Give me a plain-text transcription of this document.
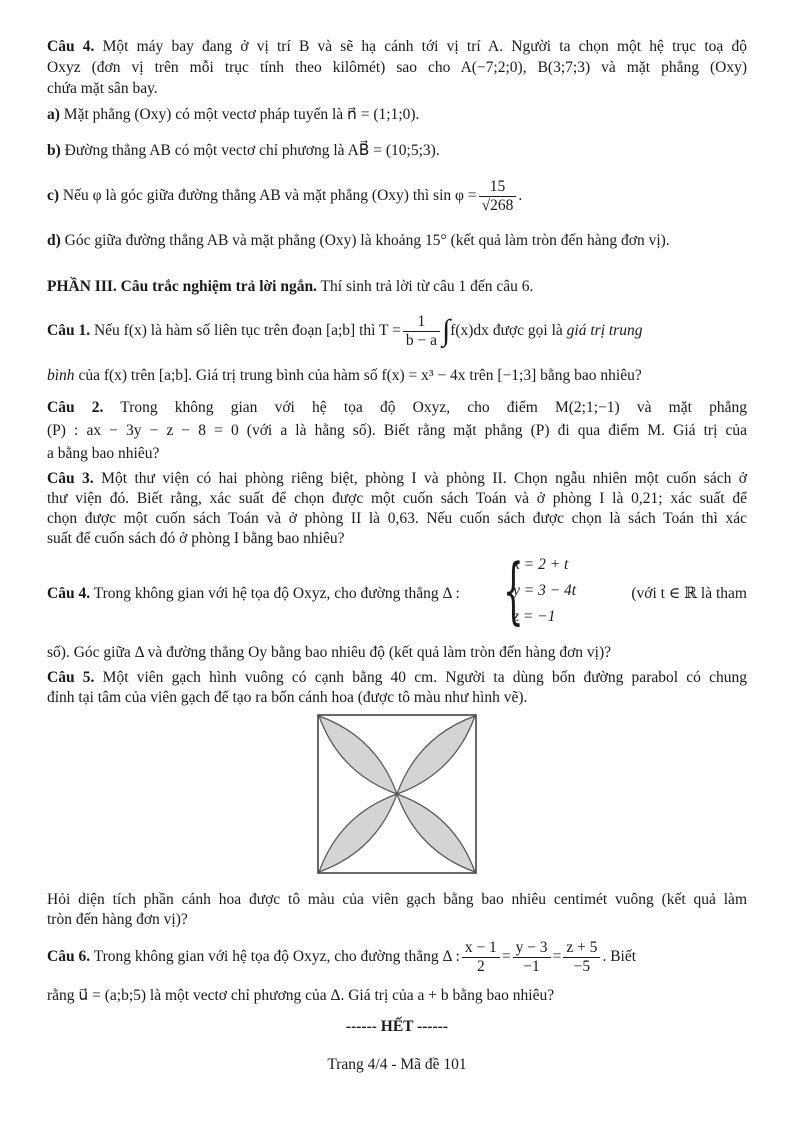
Câu 4. Một máy bay đang ở vị trí B và sẽ hạ cánh tới vị trí A. Người ta chọn một hệ trục toạ độ
Oxyz (đơn vị trên mỗi trục tính theo kilômét) sao cho A(−7;2;0), B(3;7;3) và mặt phẳng (Oxy)
chứa mặt sân bay.
a) Mặt phẳng (Oxy) có một vectơ pháp tuyến là n⃗ = (1;1;0).
b) Đường thẳng AB có một vectơ chỉ phương là AB⃗ = (10;5;3).
c) Nếu φ là góc giữa đường thẳng AB và mặt phẳng (Oxy) thì $\sin \varphi = \frac{15}{√268}$ .
d) Góc giữa đường thẳng AB và mặt phẳng (Oxy) là khoảng 15° (kết quả làm tròn đến hàng đơn vị).
PHẦN III. Câu trắc nghiệm trả lời ngắn. Thí sinh trả lời từ câu 1 đến câu 6.
Câu 1. Nếu f(x) là hàm số liên tục trên đoạn [a;b] thì $T = \frac{1}{b - a} \int f(x)dx$ được gọi là giá trị trung
bình của f(x) trên [a;b]. Giá trị trung bình của hàm số f(x) = x³ − 4x trên [−1;3] bằng bao nhiêu?
Câu 2. Trong không gian với hệ tọa độ Oxyz, cho điểm M(2;1;−1) và mặt phẳng
(P) : ax − 3y − z − 8 = 0 (với a là hằng số). Biết rằng mặt phẳng (P) đi qua điểm M. Giá trị của
a bằng bao nhiêu?
Câu 3. Một thư viện có hai phòng riêng biệt, phòng I và phòng II. Chọn ngẫu nhiên một cuốn sách ở
thư viện đó. Biết rằng, xác suất để chọn được một cuốn sách Toán và ở phòng I là 0,21; xác suất để
chọn được một cuốn sách Toán và ở phòng II là 0,63. Nếu cuốn sách được chọn là sách Toán thì xác
suất để cuốn sách đó ở phòng I bằng bao nhiêu?
Câu 4. Trong không gian với hệ tọa độ Oxyz, cho đường thẳng Δ : {
x = 2 + t
y = 3 − 4t
z = −1
(với t ∈ ℝ là tham
số). Góc giữa Δ và đường thẳng Oy bằng bao nhiêu độ (kết quả làm tròn đến hàng đơn vị)?
Câu 5. Một viên gạch hình vuông có cạnh bằng 40 cm. Người ta dùng bốn đường parabol có chung
đỉnh tại tâm của viên gạch để tạo ra bốn cánh hoa (được tô màu như hình vẽ).
Hỏi diện tích phần cánh hoa được tô màu của viên gạch bằng bao nhiêu centimét vuông (kết quả làm
tròn đến hàng đơn vị)?
Câu 6. Trong không gian với hệ tọa độ Oxyz, cho đường thẳng Δ : $\frac{x - 1}{2} = \frac{y - 3}{-1} = \frac{z + 5}{-5}$ . Biết
rằng u⃗ = (a;b;5) là một vectơ chỉ phương của Δ. Giá trị của a + b bằng bao nhiêu?
------ HẾT ------
Trang 4/4 - Mã đề 101
